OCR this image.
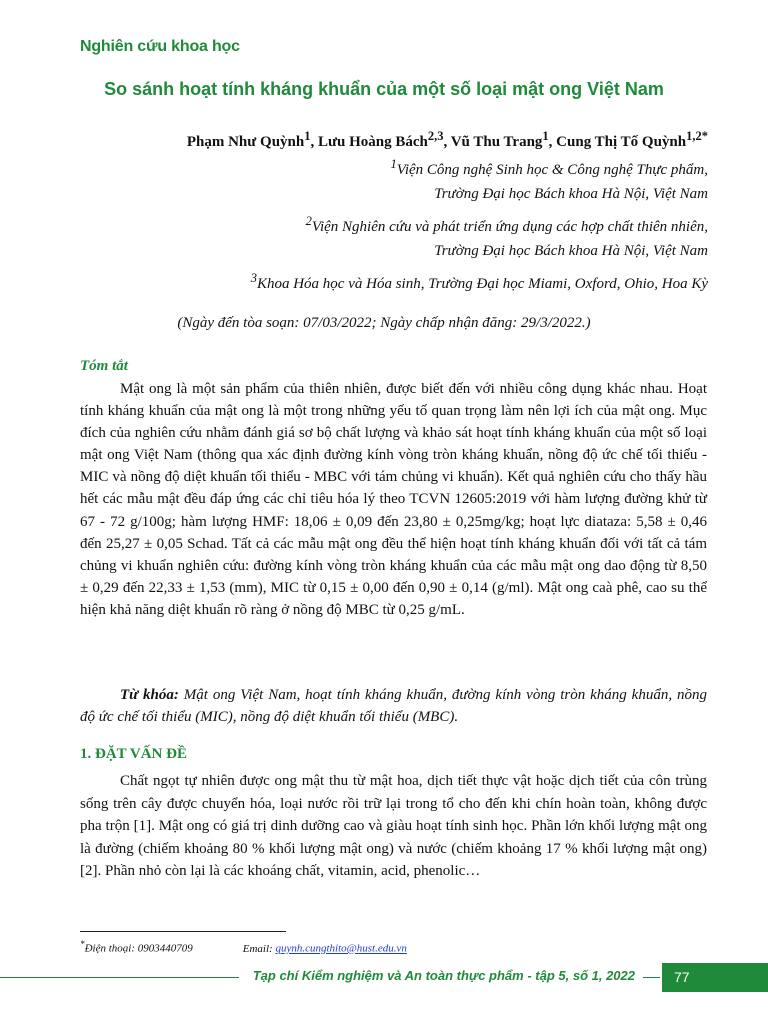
Nghiên cứu khoa học
So sánh hoạt tính kháng khuẩn của một số loại mật ong Việt Nam
Phạm Như Quỳnh$^1$, Lưu Hoàng Bách$^{2,3}$, Vũ Thu Trang$^1$, Cung Thị Tố Quỳnh$^{1,2*}$
$^1$Viện Công nghệ Sinh học & Công nghệ Thực phẩm,
Trường Đại học Bách khoa Hà Nội, Việt Nam
$^2$Viện Nghiên cứu và phát triển ứng dụng các hợp chất thiên nhiên,
Trường Đại học Bách khoa Hà Nội, Việt Nam
$^3$Khoa Hóa học và Hóa sinh, Trường Đại học Miami, Oxford, Ohio, Hoa Kỳ
(Ngày đến tòa soạn: 07/03/2022; Ngày chấp nhận đăng: 29/3/2022.)
Tóm tắt

Mật ong là một sản phẩm của thiên nhiên, được biết đến với nhiều công dụng khác nhau. Hoạt tính kháng khuẩn của mật ong là một trong những yếu tố quan trọng làm nên lợi ích của mật ong. Mục đích của nghiên cứu nhằm đánh giá sơ bộ chất lượng và khảo sát hoạt tính kháng khuẩn của một số loại mật ong Việt Nam (thông qua xác định đường kính vòng tròn kháng khuẩn, nồng độ ức chế tối thiểu - MIC và nồng độ diệt khuẩn tối thiểu - MBC với tám chủng vi khuẩn). Kết quả nghiên cứu cho thấy hầu hết các mẫu mật đều đáp ứng các chỉ tiêu hóa lý theo TCVN 12605:2019 với hàm lượng đường khử từ 67 - 72 g/100g; hàm lượng HMF: 18,06 ± 0,09 đến 23,80 ± 0,25mg/kg; hoạt lực diataza: 5,58 ± 0,46 đến 25,27 ± 0,05 Schad. Tất cả các mẫu mật ong đều thể hiện hoạt tính kháng khuẩn đối với tất cả tám chủng vi khuẩn nghiên cứu: đường kính vòng tròn kháng khuẩn của các mẫu mật ong dao động từ 8,50 ± 0,29 đến 22,33 ± 1,53 (mm), MIC từ 0,15 ± 0,00 đến 0,90 ± 0,14 (g/ml). Mật ong caà phê, cao su thể hiện khả năng diệt khuẩn rõ ràng ở nồng độ MBC từ 0,25 g/mL.

Từ khóa: Mật ong Việt Nam, hoạt tính kháng khuẩn, đường kính vòng tròn kháng khuẩn, nồng độ ức chế tối thiểu (MIC), nồng độ diệt khuẩn tối thiểu (MBC).

1. ĐẶT VẤN ĐỀ

Chất ngọt tự nhiên được ong mật thu từ mật hoa, dịch tiết thực vật hoặc dịch tiết của côn trùng sống trên cây được chuyển hóa, loại nước rồi trữ lại trong tổ cho đến khi chín hoàn toàn, không được pha trộn [1]. Mật ong có giá trị dinh dưỡng cao và giàu hoạt tính sinh học. Phần lớn khối lượng mật ong là đường (chiếm khoảng 80 % khối lượng mật ong) và nước (chiếm khoảng 17 % khối lượng mật ong) [2]. Phần nhỏ còn lại là các khoáng chất, vitamin, acid, phenolic…

*Điện thoại: 0903440709	Email: quynh.cungthito@hust.edu.vn
Tạp chí Kiểm nghiệm và An toàn thực phẩm - tập 5, số 1, 2022	77
